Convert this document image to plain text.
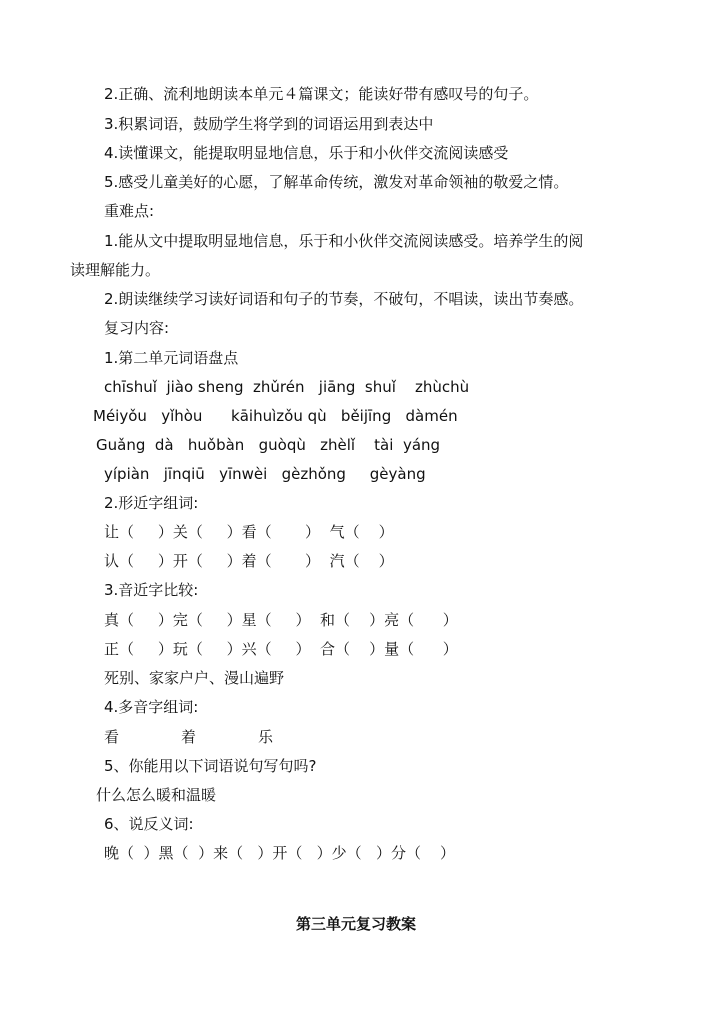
2.正确、流利地朗读本单元４篇课文；能读好带有感叹号的句子。
3.积累词语，鼓励学生将学到的词语运用到表达中
4.读懂课文，能提取明显地信息，乐于和小伙伴交流阅读感受
5.感受儿童美好的心愿，了解革命传统，激发对革命领袖的敬爱之情。
重难点:
1.能从文中提取明显地信息，乐于和小伙伴交流阅读感受。培养学生的阅
读理解能力。
2.朗读继续学习读好词语和句子的节奏，不破句，不唱读，读出节奏感。
复习内容:
1.第二单元词语盘点
chīshuǐ  jiào sheng  zhǔrén   jiāng  shuǐ    zhùchù
Méiyǒu   yǐhòu      kāihuìzǒu qù   běijīng   dàmén
Guǎng  dà   huǒbàn   guòqù   zhèlǐ    tài  yáng
yípiàn   jīnqiū   yīnwèi   gèzhǒng     gèyàng
2.形近字组词:
让（     ）关（     ）看（       ）  气（    ）
认（     ）开（     ）着（       ）  汽（    ）
3.音近字比较:
真（     ）完（     ）星（     ）  和（    ）亮（      ）
正（     ）玩（     ）兴（     ）  合（    ）量（      ）
死别、家家户户、漫山遍野
4.多音字组词:
看             着             乐
5、你能用以下词语说句写句吗?
什么怎么暖和温暖
6、说反义词:
晚（  ）黑（  ）来（   ）开（   ）少（   ）分（    ）
第三单元复习教案
